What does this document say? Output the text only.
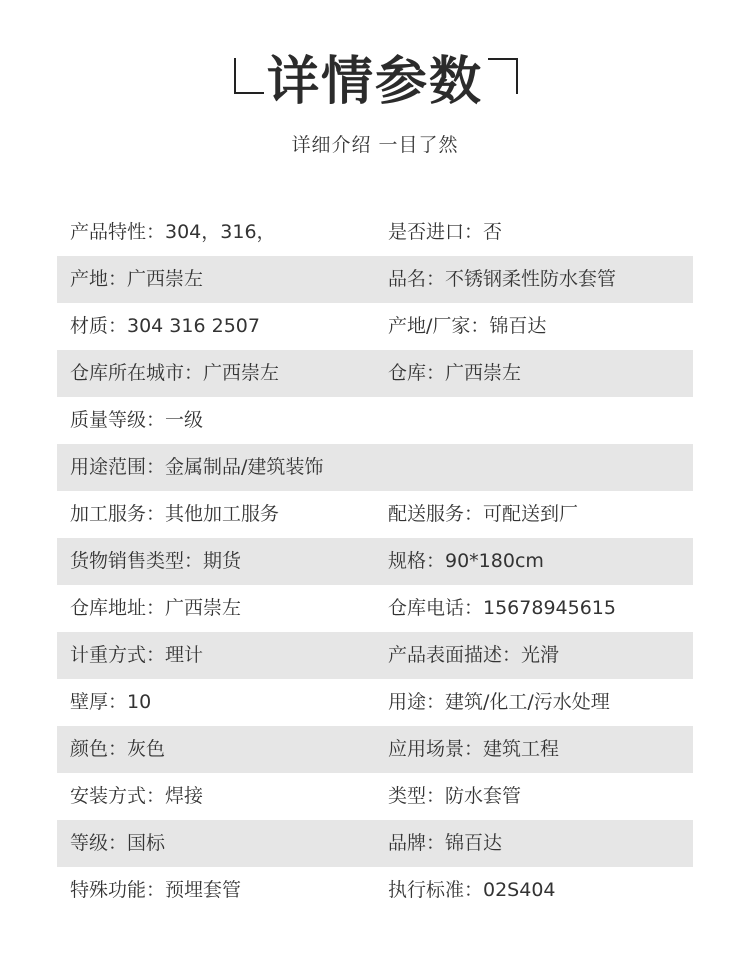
详情参数
详细介绍 一目了然
产品特性：304，316，	是否进口：否
产地：广西崇左	品名：不锈钢柔性防水套管
材质：304 316 2507	产地/厂家：锦百达
仓库所在城市：广西崇左	仓库：广西崇左
质量等级：一级
用途范围：金属制品/建筑装饰
加工服务：其他加工服务	配送服务：可配送到厂
货物销售类型：期货	规格：90*180cm
仓库地址：广西崇左	仓库电话：15678945615
计重方式：理计	产品表面描述：光滑
壁厚：10	用途：建筑/化工/污水处理
颜色：灰色	应用场景：建筑工程
安装方式：焊接	类型：防水套管
等级：国标	品牌：锦百达
特殊功能：预埋套管	执行标准：02S404
